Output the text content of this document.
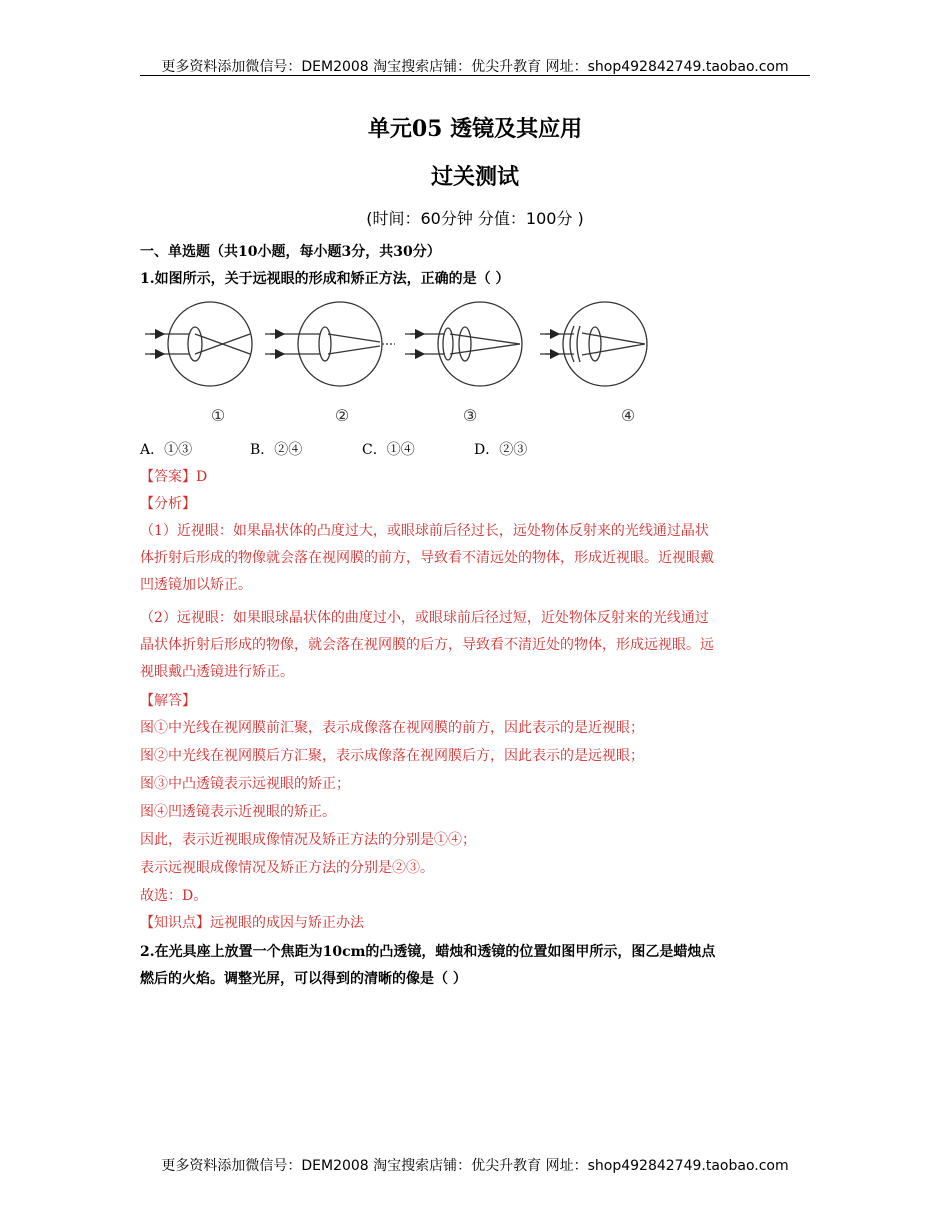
更多资料添加微信号：DEM2008 淘宝搜索店铺：优尖升教育 网址：shop492842749.taobao.com
单元05 透镜及其应用
过关测试
(时间：60分钟 分值：100分 )
一、单选题（共10小题，每小题3分，共30分）
1.如图所示，关于远视眼的形成和矫正方法，正确的是（ ）
①	②	③	④
A．①③	B．②④	C．①④	D．②③
【答案】D
【分析】
（1）近视眼：如果晶状体的凸度过大，或眼球前后径过长，远处物体反射来的光线通过晶状
体折射后形成的物像就会落在视网膜的前方，导致看不清远处的物体，形成近视眼。近视眼戴
凹透镜加以矫正。
（2）远视眼：如果眼球晶状体的曲度过小，或眼球前后径过短，近处物体反射来的光线通过
晶状体折射后形成的物像，就会落在视网膜的后方，导致看不清近处的物体，形成远视眼。远
视眼戴凸透镜进行矫正。
【解答】
图①中光线在视网膜前汇聚，表示成像落在视网膜的前方，因此表示的是近视眼；
图②中光线在视网膜后方汇聚，表示成像落在视网膜后方，因此表示的是远视眼；
图③中凸透镜表示远视眼的矫正；
图④凹透镜表示近视眼的矫正。
因此，表示近视眼成像情况及矫正方法的分别是①④；
表示远视眼成像情况及矫正方法的分别是②③。
故选：D。
【知识点】远视眼的成因与矫正办法
2.在光具座上放置一个焦距为10cm的凸透镜，蜡烛和透镜的位置如图甲所示，图乙是蜡烛点
燃后的火焰。调整光屏，可以得到的清晰的像是（ ）
更多资料添加微信号：DEM2008 淘宝搜索店铺：优尖升教育 网址：shop492842749.taobao.com
